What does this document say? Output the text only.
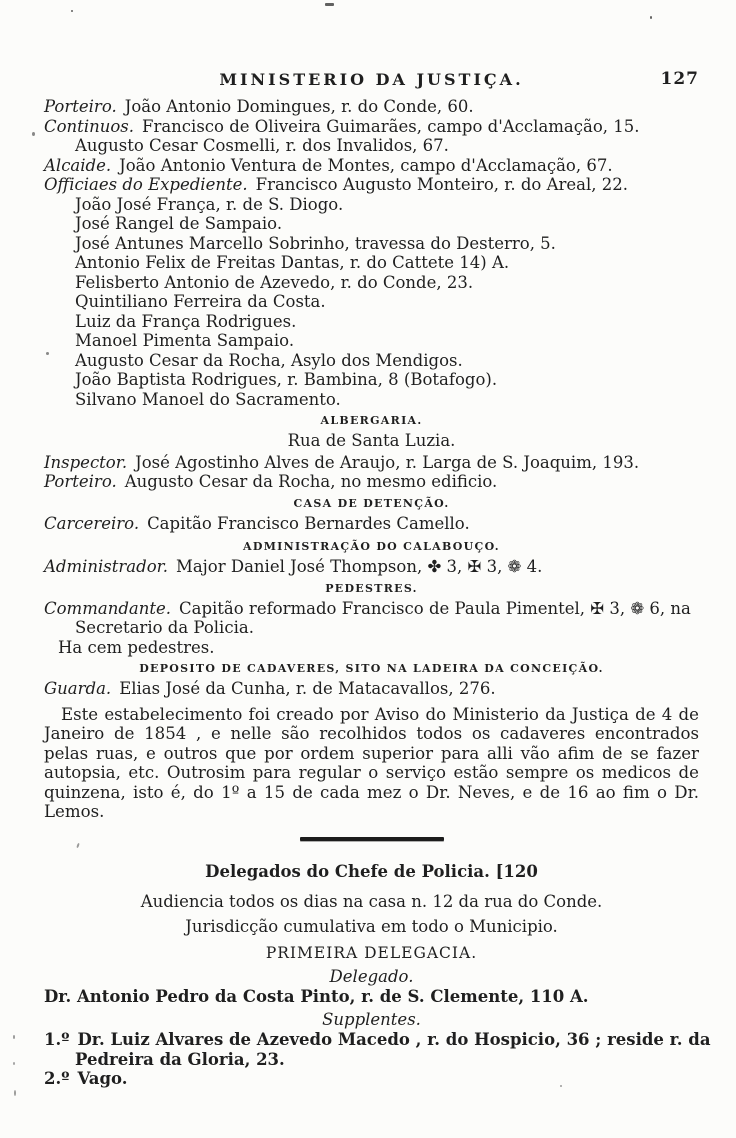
MINISTERIO DA JUSTIÇA.	127
Porteiro. João Antonio Domingues, r. do Conde, 60.
Continuos. Francisco de Oliveira Guimarães, campo d'Acclamação, 15.
Augusto Cesar Cosmelli, r. dos Invalidos, 67.
Alcaide. João Antonio Ventura de Montes, campo d'Acclamação, 67.
Officiaes do Expediente. Francisco Augusto Monteiro, r. do Areal, 22.
João José França, r. de S. Diogo.
José Rangel de Sampaio.
José Antunes Marcello Sobrinho, travessa do Desterro, 5.
Antonio Felix de Freitas Dantas, r. do Cattete 14) A.
Felisberto Antonio de Azevedo, r. do Conde, 23.
Quintiliano Ferreira da Costa.
Luiz da França Rodrigues.
Manoel Pimenta Sampaio.
Augusto Cesar da Rocha, Asylo dos Mendigos.
João Baptista Rodrigues, r. Bambina, 8 (Botafogo).
Silvano Manoel do Sacramento.
ALBERGARIA.
Rua de Santa Luzia.
Inspector. José Agostinho Alves de Araujo, r. Larga de S. Joaquim, 193.
Porteiro. Augusto Cesar da Rocha, no mesmo edificio.
CASA DE DETENÇÃO.
Carcereiro. Capitão Francisco Bernardes Camello.
ADMINISTRAÇÃO DO CALABOUÇO.
Administrador. Major Daniel José Thompson, ✤ 3, ✠ 3, ❁ 4.
PEDESTRES.
Commandante. Capitão reformado Francisco de Paula Pimentel, ✠ 3, ❁ 6, na
Secretario da Policia.
Ha cem pedestres.
DEPOSITO DE CADAVERES, SITO NA LADEIRA DA CONCEIÇÃO.
Guarda. Elias José da Cunha, r. de Matacavallos, 276.
Este estabelecimento foi creado por Aviso do Ministerio da Justiça de 4 de Janeiro de 1854 , e nelle são recolhidos todos os cadaveres encontrados pelas ruas, e outros que por ordem superior para alli vão afim de se fazer autopsia, etc. Outrosim para regular o serviço estão sempre os medicos de quinzena, isto é, do 1º a 15 de cada mez o Dr. Neves, e de 16 ao fim o Dr. Lemos.
Delegados do Chefe de Policia. [120
Audiencia todos os dias na casa n. 12 da rua do Conde.
Jurisdicção cumulativa em todo o Municipio.
PRIMEIRA DELEGACIA.
Delegado.
Dr. Antonio Pedro da Costa Pinto, r. de S. Clemente, 110 A.
Supplentes.
1.º Dr. Luiz Alvares de Azevedo Macedo , r. do Hospicio, 36 ; reside r. da
Pedreira da Gloria, 23.
2.º Vago.
